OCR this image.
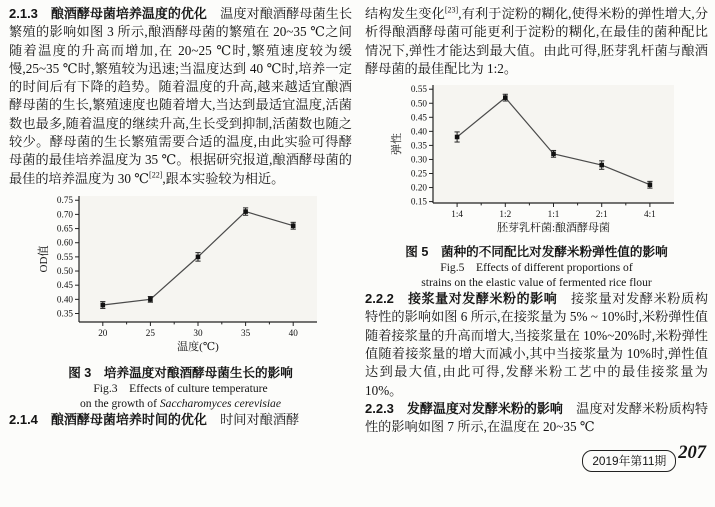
2.1.3　酿酒酵母菌培养温度的优化　温度对酿酒酵母菌生长繁殖的影响如图 3 所示,酿酒酵母菌的繁殖在 20~35 ℃之间随着温度的升高而增加,在 20~25 ℃时,繁殖速度较为缓慢,25~35 ℃时,繁殖较为迅速;当温度达到 40 ℃时,培养一定的时间后有下降的趋势。随着温度的升高,越来越适宜酿酒酵母菌的生长,繁殖速度也随着增大,当达到最适宜温度,活菌数也最多,随着温度的继续升高,生长受到抑制,活菌数也随之较少。酵母菌的生长繁殖需要合适的温度,由此实验可得酵母菌的最佳培养温度为 35 ℃。根据研究报道,酿酒酵母菌的最佳的培养温度为 30 ℃[22],跟本实验较为相近。

0.35
0.40
0.45
0.50
0.55
0.60
0.65
0.70
0.75
20	25	30	35	40
温度(℃)
OD值
图 3　培养温度对酿酒酵母菌生长的影响
Fig.3　Effects of culture temperature
on the growth of Saccharomyces cerevisiae

2.1.4　酿酒酵母菌培养时间的优化　时间对酿酒酵

结构发生变化[23],有利于淀粉的糊化,使得米粉的弹性增大,分析得酿酒酵母菌可能更利于淀粉的糊化,在最佳的菌种配比情况下,弹性才能达到最大值。由此可得,胚芽乳杆菌与酿酒酵母菌的最佳配比为 1:2。

0.15
0.20
0.25
0.30
0.35
0.40
0.45
0.50
0.55
1:4	1:2	1:1	2:1	4:1
胚芽乳杆菌:酿酒酵母菌
弹性
图 5　菌种的不同配比对发酵米粉弹性值的影响
Fig.5　Effects of different proportions of
strains on the elastic value of fermented rice flour

2.2.2　接浆量对发酵米粉的影响　接浆量对发酵米粉质构特性的影响如图 6 所示,在接浆量为 5% ~ 10%时,米粉弹性值随着接浆量的升高而增大,当接浆量在 10%~20%时,米粉弹性值随着接浆量的增大而减小,其中当接浆量为 10%时,弹性值达到最大值,由此可得,发酵米粉工艺中的最佳接浆量为 10%。

2.2.3　发酵温度对发酵米粉的影响　温度对发酵米粉质构特性的影响如图 7 所示,在温度在 20~35 ℃

2019年第11期 207
